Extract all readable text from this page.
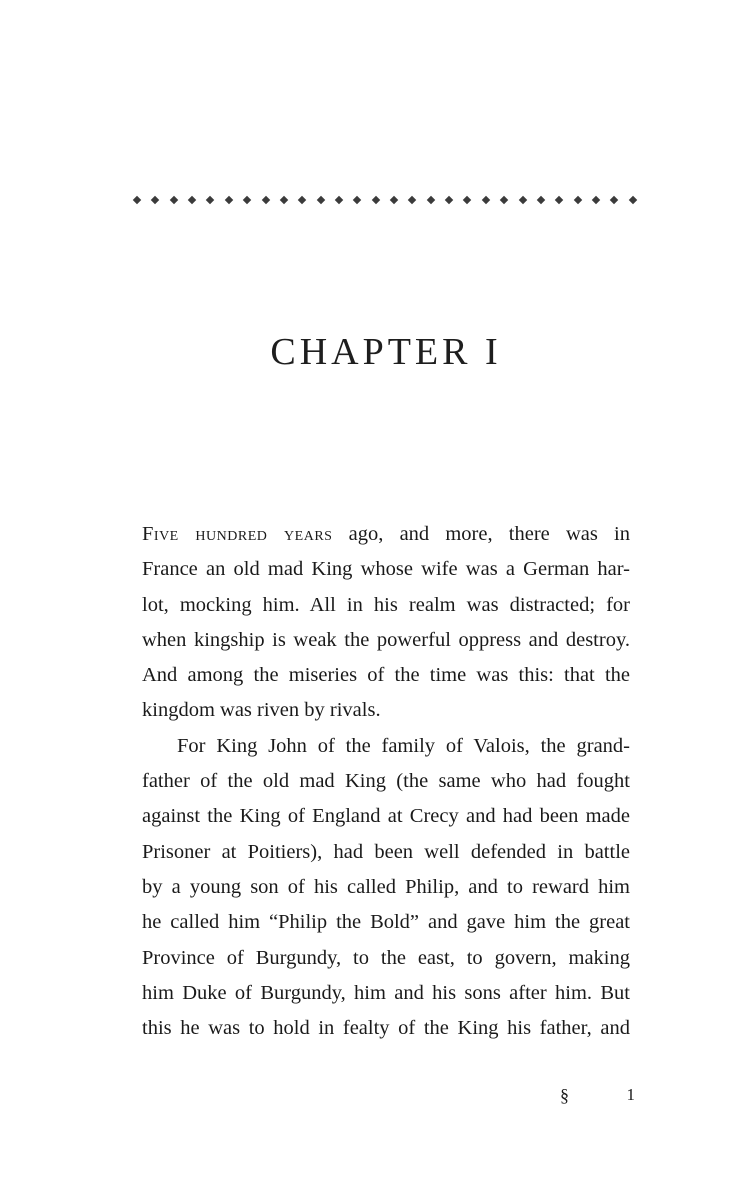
CHAPTER I

Five hundred years ago, and more, there was in
France an old mad King whose wife was a German har-
lot, mocking him. All in his realm was distracted; for
when kingship is weak the powerful oppress and destroy.
And among the miseries of the time was this: that the
kingdom was riven by rivals.

For King John of the family of Valois, the grand-
father of the old mad King (the same who had fought
against the King of England at Crecy and had been made
Prisoner at Poitiers), had been well defended in battle
by a young son of his called Philip, and to reward him
he called him “Philip the Bold” and gave him the great
Province of Burgundy, to the east, to govern, making
him Duke of Burgundy, him and his sons after him. But
this he was to hold in fealty of the King his father, and

§	1
